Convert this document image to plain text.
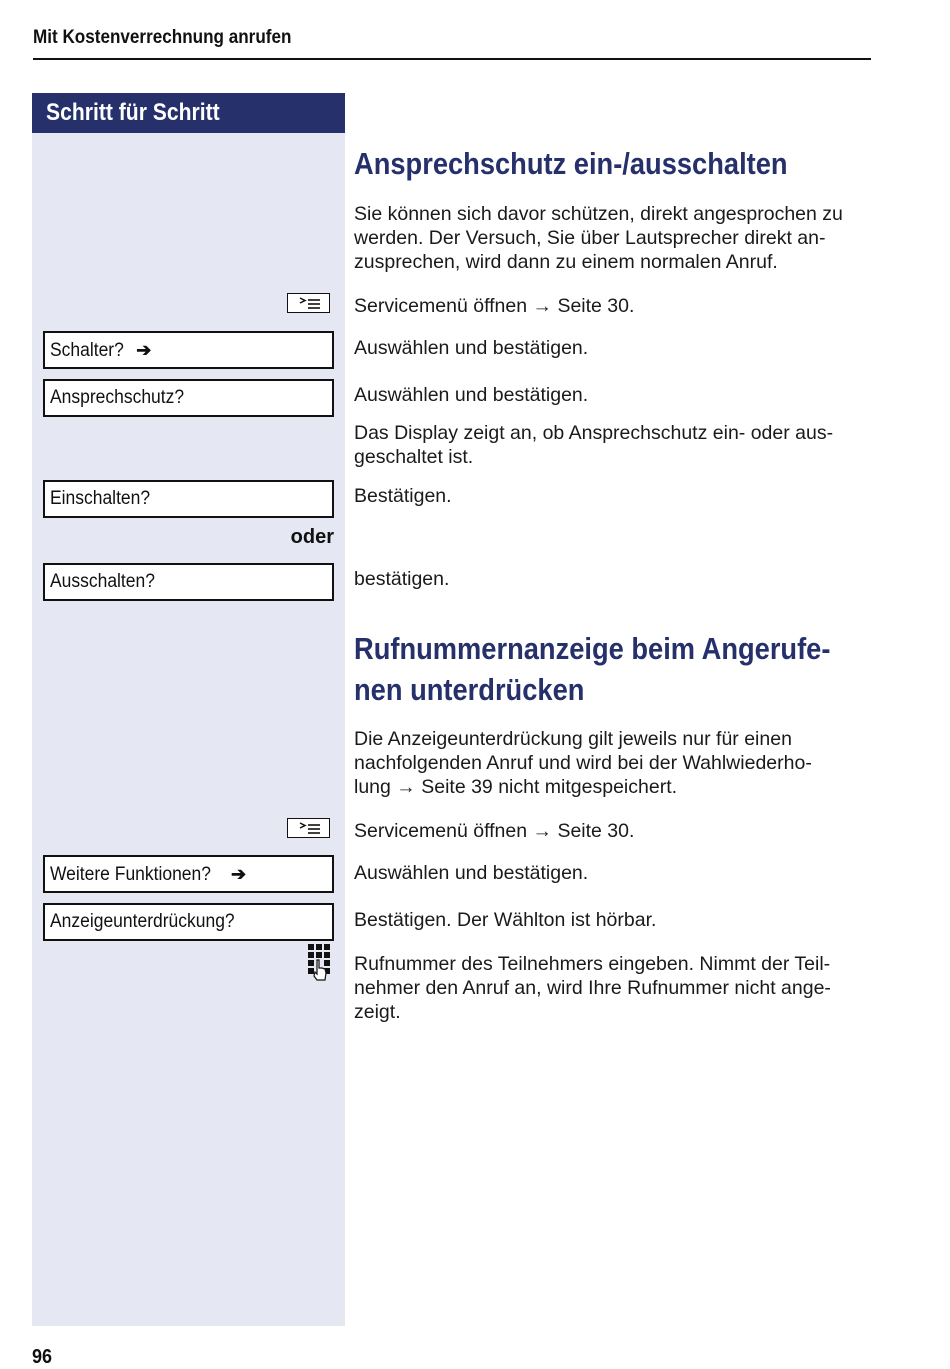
Mit Kostenverrechnung anrufen
Schritt für Schritt
Ansprechschutz ein-/ausschalten
Sie können sich davor schützen, direkt angesprochen zu
werden. Der Versuch, Sie über Lautsprecher direkt an-
zusprechen, wird dann zu einem normalen Anruf.
Servicemenü öffnen → Seite 30.
Schalter? ➔	Auswählen und bestätigen.
Ansprechschutz?	Auswählen und bestätigen.
Das Display zeigt an, ob Ansprechschutz ein- oder aus-
geschaltet ist.
Einschalten?	Bestätigen.
oder
Ausschalten?	bestätigen.
Rufnummernanzeige beim Angerufe-
nen unterdrücken
Die Anzeigeunterdrückung gilt jeweils nur für einen
nachfolgenden Anruf und wird bei der Wahlwiederho-
lung → Seite 39 nicht mitgespeichert.
Servicemenü öffnen → Seite 30.
Weitere Funktionen? ➔	Auswählen und bestätigen.
Anzeigeunterdrückung?	Bestätigen. Der Wählton ist hörbar.
Rufnummer des Teilnehmers eingeben. Nimmt der Teil-
nehmer den Anruf an, wird Ihre Rufnummer nicht ange-
zeigt.
96
